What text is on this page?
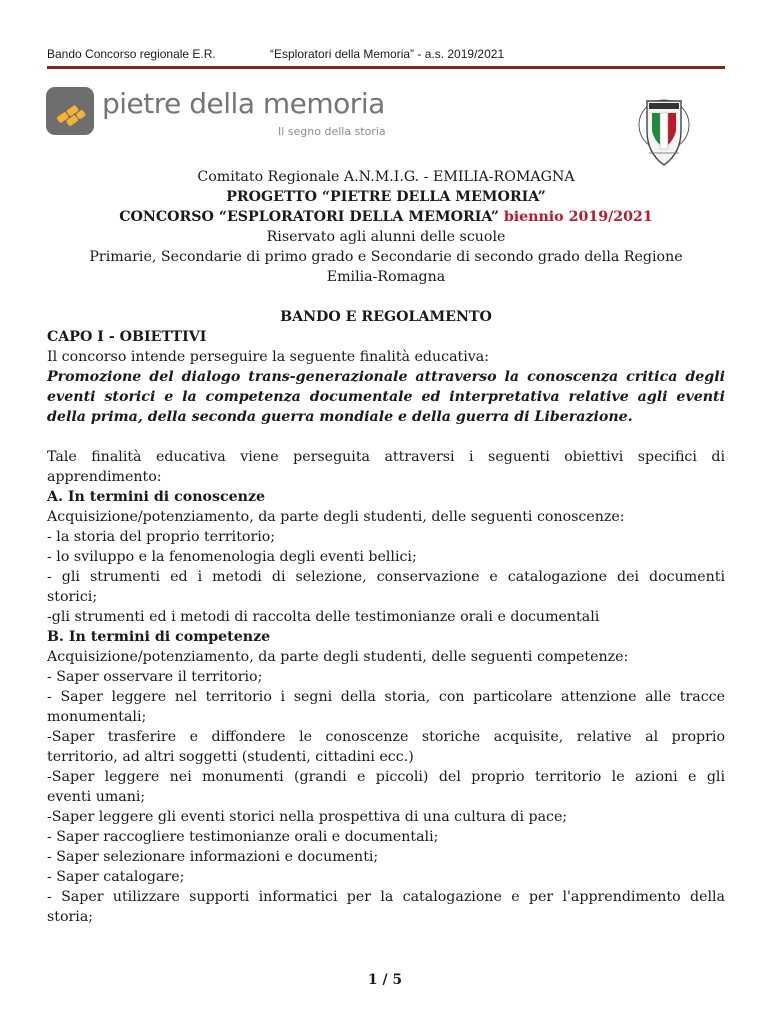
Bando Concorso regionale E.R.	“Esploratori della Memoria” - a.s. 2019/2021
pietre della memoria
Il segno della storia
Comitato Regionale A.N.M.I.G. - EMILIA-ROMAGNA
PROGETTO “PIETRE DELLA MEMORIA”
CONCORSO “ESPLORATORI DELLA MEMORIA” biennio 2019/2021
Riservato agli alunni delle scuole
Primarie, Secondarie di primo grado e Secondarie di secondo grado della Regione
Emilia-Romagna
BANDO E REGOLAMENTO
CAPO I - OBIETTIVI
Il concorso intende perseguire la seguente finalità educativa:
Promozione del dialogo trans-generazionale attraverso la conoscenza critica degli
eventi storici e la competenza documentale ed interpretativa relative agli eventi
della prima, della seconda guerra mondiale e della guerra di Liberazione.
Tale finalità educativa viene perseguita attraversi i seguenti obiettivi specifici di
apprendimento:
A. In termini di conoscenze
Acquisizione/potenziamento, da parte degli studenti, delle seguenti conoscenze:
- la storia del proprio territorio;
- lo sviluppo e la fenomenologia degli eventi bellici;
- gli strumenti ed i metodi di selezione, conservazione e catalogazione dei documenti
storici;
-gli strumenti ed i metodi di raccolta delle testimonianze orali e documentali
B. In termini di competenze
Acquisizione/potenziamento, da parte degli studenti, delle seguenti competenze:
- Saper osservare il territorio;
- Saper leggere nel territorio i segni della storia, con particolare attenzione alle tracce
monumentali;
-Saper trasferire e diffondere le conoscenze storiche acquisite, relative al proprio
territorio, ad altri soggetti (studenti, cittadini ecc.)
-Saper leggere nei monumenti (grandi e piccoli) del proprio territorio le azioni e gli
eventi umani;
-Saper leggere gli eventi storici nella prospettiva di una cultura di pace;
- Saper raccogliere testimonianze orali e documentali;
- Saper selezionare informazioni e documenti;
- Saper catalogare;
- Saper utilizzare supporti informatici per la catalogazione e per l'apprendimento della
storia;
1 / 5
